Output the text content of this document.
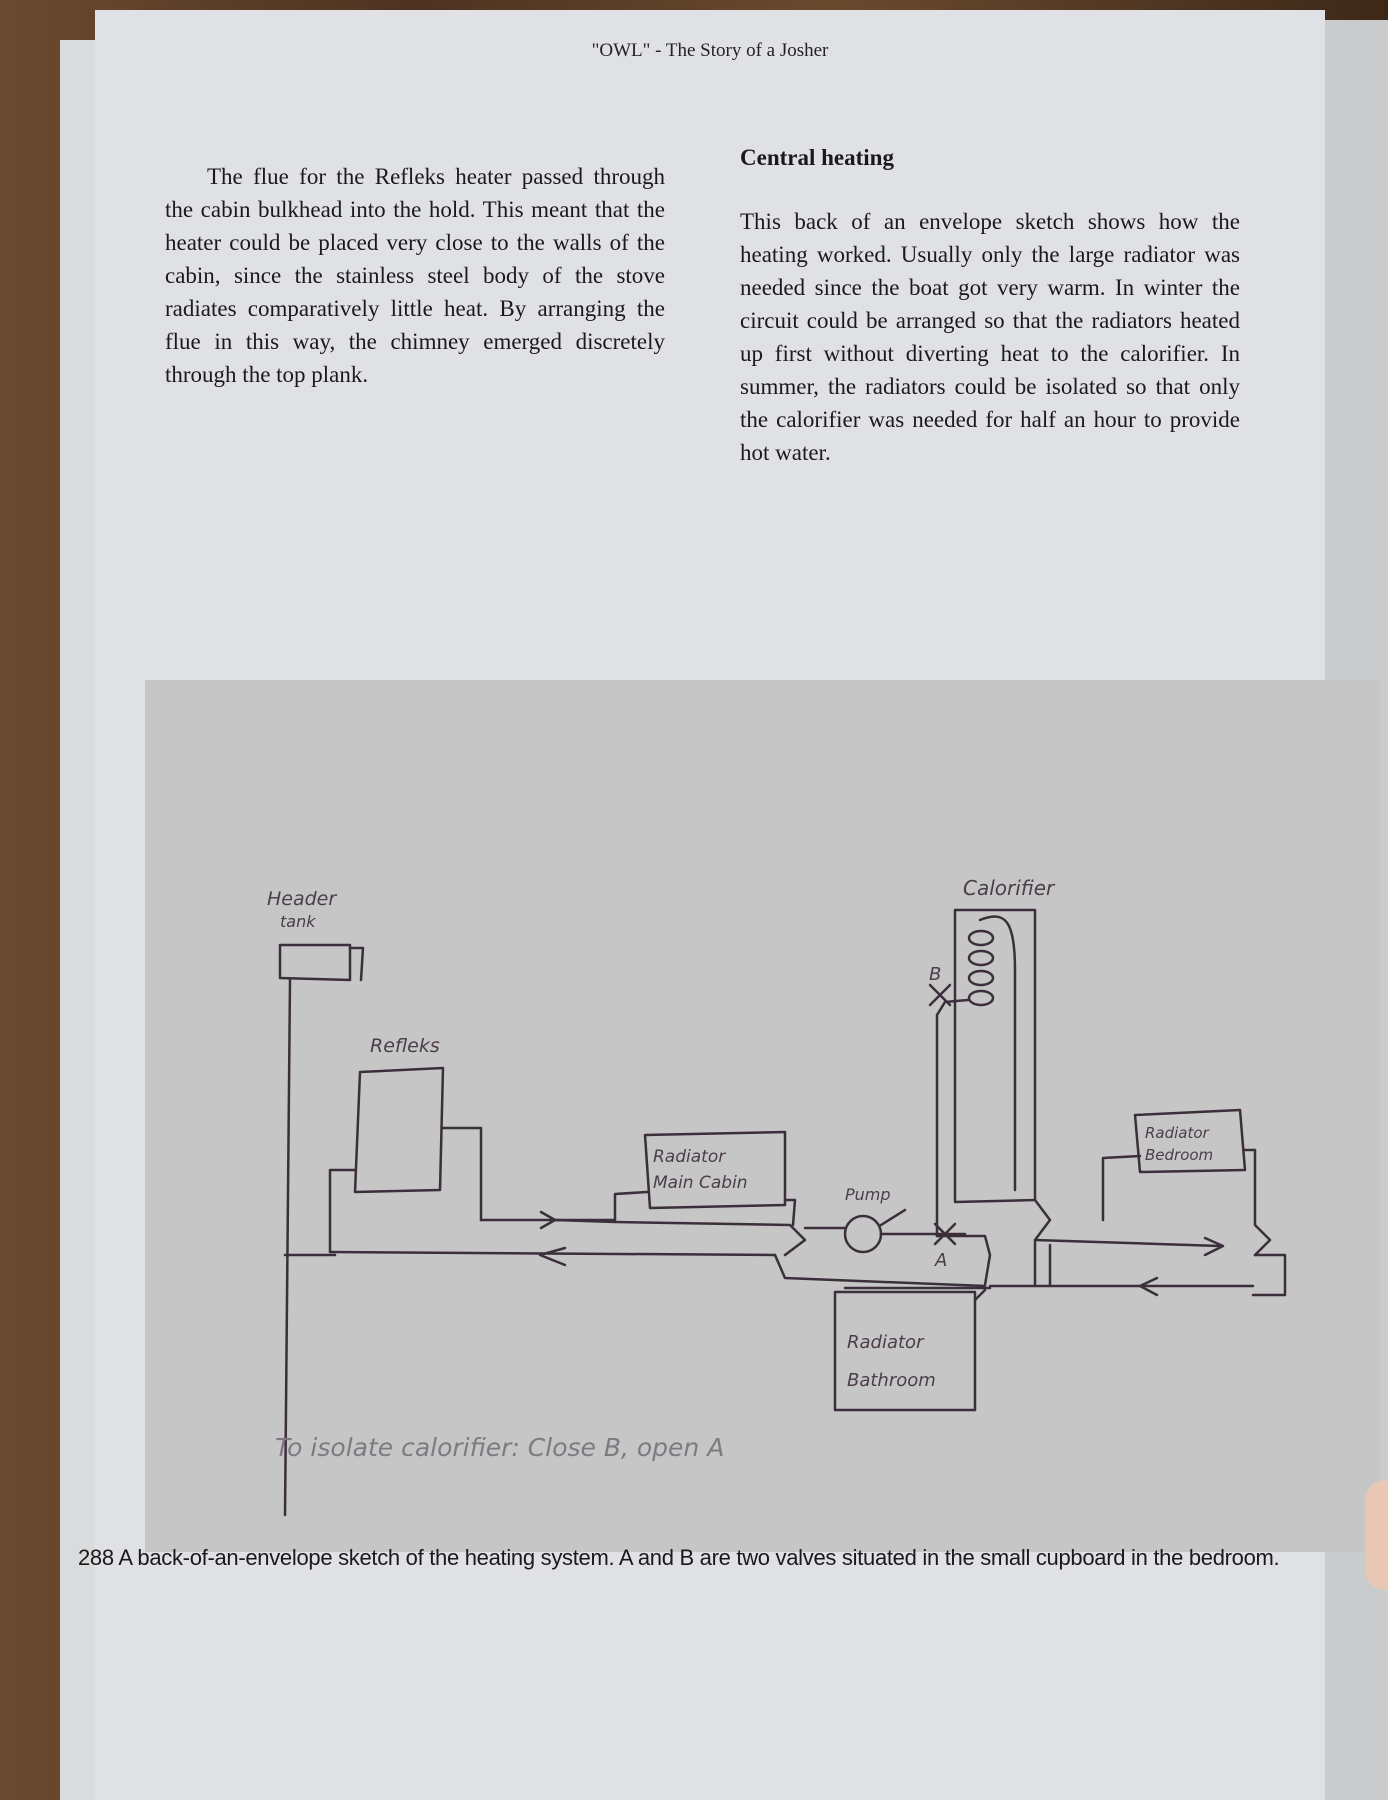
"OWL" - The Story of a Josher

The flue for the Refleks heater passed through the cabin bulkhead into the hold. This meant that the heater could be placed very close to the walls of the cabin, since the stainless steel body of the stove radiates comparatively little heat. By arranging the flue in this way, the chimney emerged discretely through the top plank.

Central heating

This back of an envelope sketch shows how the heating worked. Usually only the large radiator was needed since the boat got very warm. In winter the circuit could be arranged so that the radiators heated up first without diverting heat to the calorifier. In summer, the radiators could be isolated so that only the calorifier was needed for half an hour to provide hot water.

Header
tank
Refleks
Radiator
Main Cabin
Pump
Calorifier
B
A
Radiator
Bedroom
Radiator
Bathroom
To isolate calorifier: Close B, open A
288 A back-of-an-envelope sketch of the heating system. A and B are two valves situated in the small cupboard in the bedroom.
